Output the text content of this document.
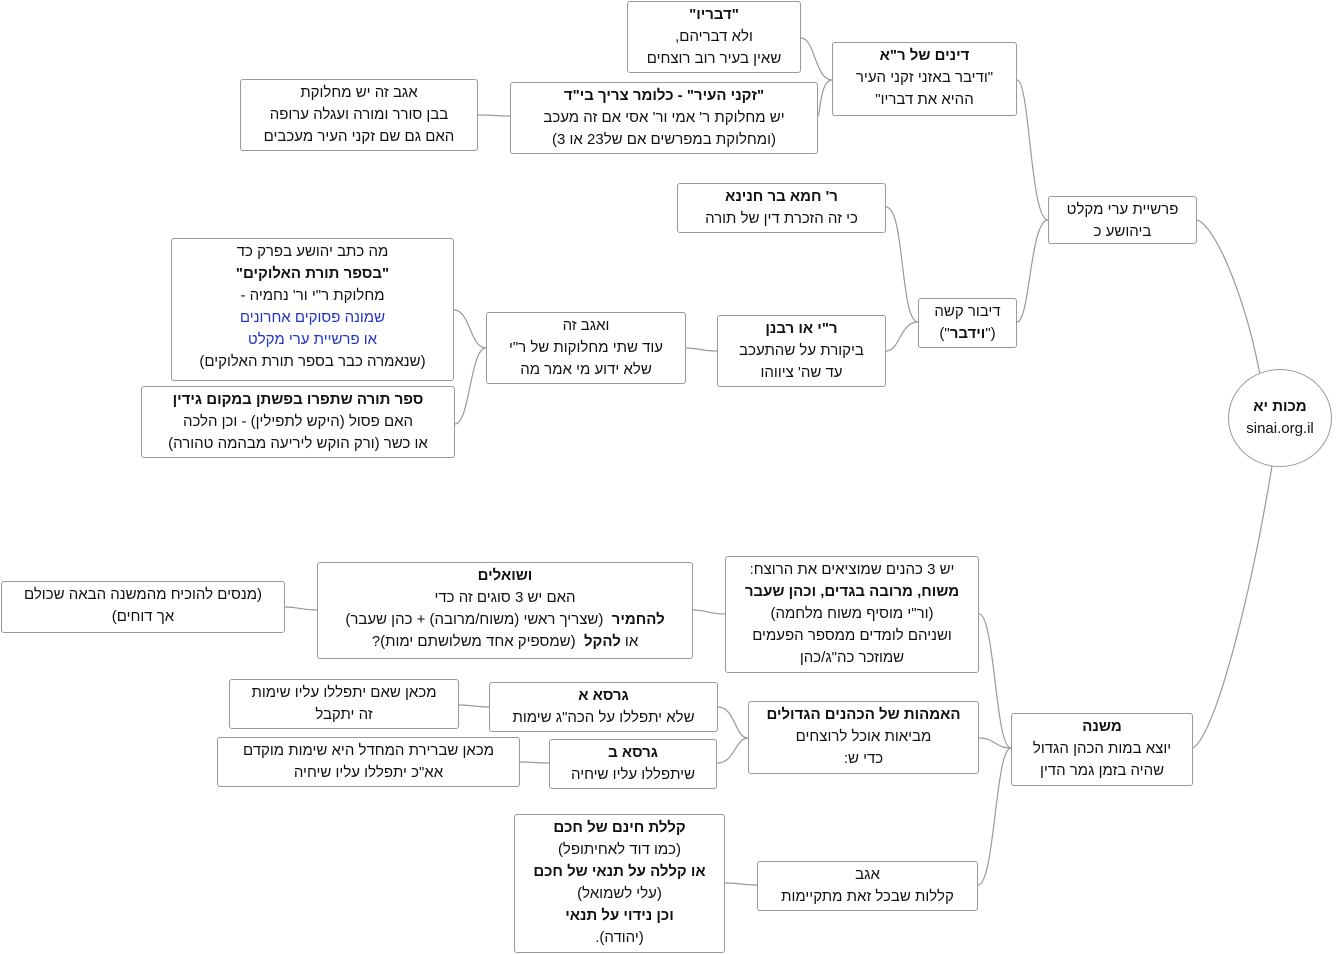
מכות יא
sinai.org.il
פרשיית ערי מקלט
ביהושע כ
דינים של ר"א
"ודיבר באזני זקני העיר
ההיא את דבריו"
"דבריו"
ולא דבריהם,
שאין בעיר רוב רוצחים
"זקני העיר" - כלומר צריך בי"ד
יש מחלוקת ר' אמי ור' אסי אם זה מעכב
(ומחלוקת במפרשים אם של23 או 3)
אגב זה יש מחלוקת
בבן סורר ומורה ועגלה ערופה
האם גם שם זקני העיר מעכבים
ר' חמא בר חנינא
כי זה הזכרת דין של תורה
דיבור קשה
("וידבר")
ר"י או רבנן
ביקורת על שהתעכב
עד שה' ציווהו
ואגב זה
עוד שתי מחלוקות של ר"י
שלא ידוע מי אמר מה
מה כתב יהושע בפרק כד
"בספר תורת האלוקים"
מחלוקת ר"י ור' נחמיה -
שמונה פסוקים אחרונים
או פרשיית ערי מקלט
(שנאמרה כבר בספר תורת האלוקים)
ספר תורה שתפרו בפשתן במקום גידין
האם פסול (היקש לתפילין) - וכן הלכה
או כשר (ורק הוקש ליריעה מבהמה טהורה)
משנה
יוצא במות הכהן הגדול
שהיה בזמן גמר הדין
יש 3 כהנים שמוציאים את הרוצח:
משוח, מרובה בגדים, וכהן שעבר
(ור"י מוסיף משוח מלחמה)
ושניהם לומדים ממספר הפעמים
שמוזכר כה"ג/כהן
ושואלים
האם יש 3 סוגים זה כדי
להחמיר  (שצריך ראשי (משוח/מרובה) + כהן שעבר)
או להקל  (שמספיק אחד משלושתם ימות)?
(מנסים להוכיח מהמשנה הבאה שכולם
אך דוחים)
האמהות של הכהנים הגדולים
מביאות אוכל לרוצחים
כדי ש:
גרסא א
שלא יתפללו על הכה"ג שימות
מכאן שאם יתפללו עליו שימות
זה יתקבל
גרסא ב
שיתפללו עליו שיחיה
מכאן שברירת המחדל היא שימות מוקדם
אא"כ יתפללו עליו שיחיה
אגב
קללות שבכל זאת מתקיימות
קללת חינם של חכם
(כמו דוד לאחיתופל)
או קללה על תנאי של חכם
(עלי לשמואל)
וכן נידוי על תנאי
(יהודה).
